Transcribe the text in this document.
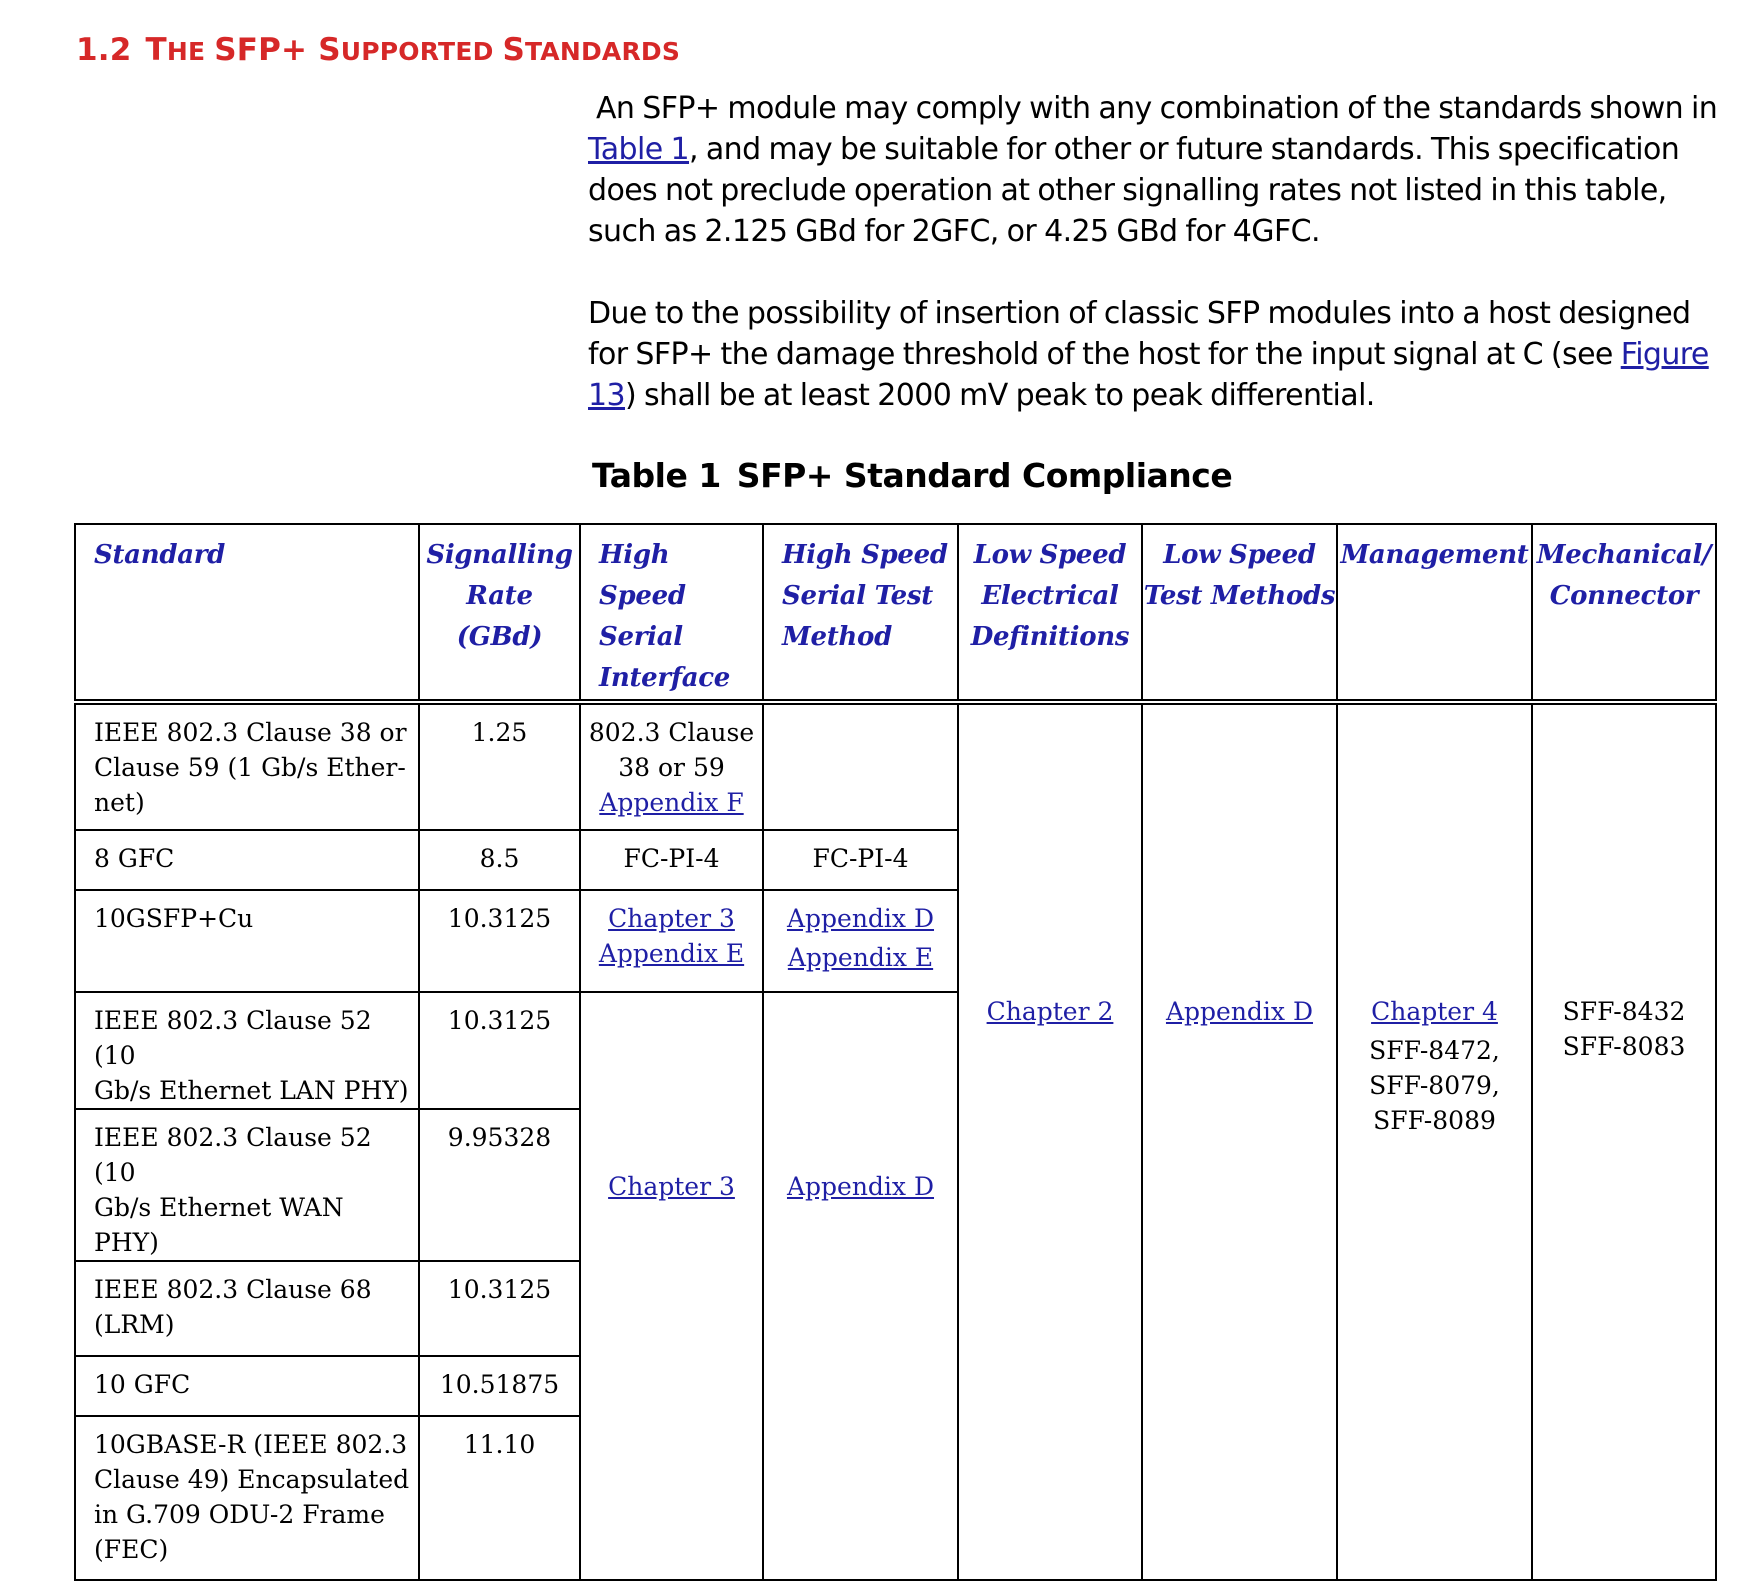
1.2 THE SFP+ SUPPORTED STANDARDS

An SFP+ module may comply with any combination of the standards shown in Table 1, and may be suitable for other or future standards. This specification does not preclude operation at other signalling rates not listed in this table, such as 2.125 GBd for 2GFC, or 4.25 GBd for 4GFC.

Due to the possibility of insertion of classic SFP modules into a host designed for SFP+ the damage threshold of the host for the input signal at C (see Figure 13) shall be at least 2000 mV peak to peak differential.

Table 1 SFP+ Standard Compliance
Standard	Signalling
Rate
(GBd)	High Speed
Serial
Interface	High Speed
Serial Test
Method	Low Speed
Electrical
Definitions	Low Speed
Test Methods	Management	Mechanical/
Connector

IEEE 802.3 Clause 38 or
Clause 59 (1 Gb/s Ether-
net)	1.25	802.3 Clause
38 or 59
Appendix F		Chapter 2	Appendix D	Chapter 4
SFF-8472,
SFF-8079,
SFF-8089	SFF-8432
SFF-8083

8 GFC	8.5	FC-PI-4	FC-PI-4				

10GSFP+Cu	10.3125	Chapter 3
Appendix E	Appendix D
Appendix E				

IEEE 802.3 Clause 52 (10
Gb/s Ethernet LAN PHY)	10.3125	Chapter 3	Appendix D				

IEEE 802.3 Clause 52 (10
Gb/s Ethernet WAN PHY)	9.95328						

IEEE 802.3 Clause 68
(LRM)	10.3125						

10 GFC	10.51875						

10GBASE-R (IEEE 802.3
Clause 49) Encapsulated
in G.709 ODU-2 Frame
(FEC)	11.10						
